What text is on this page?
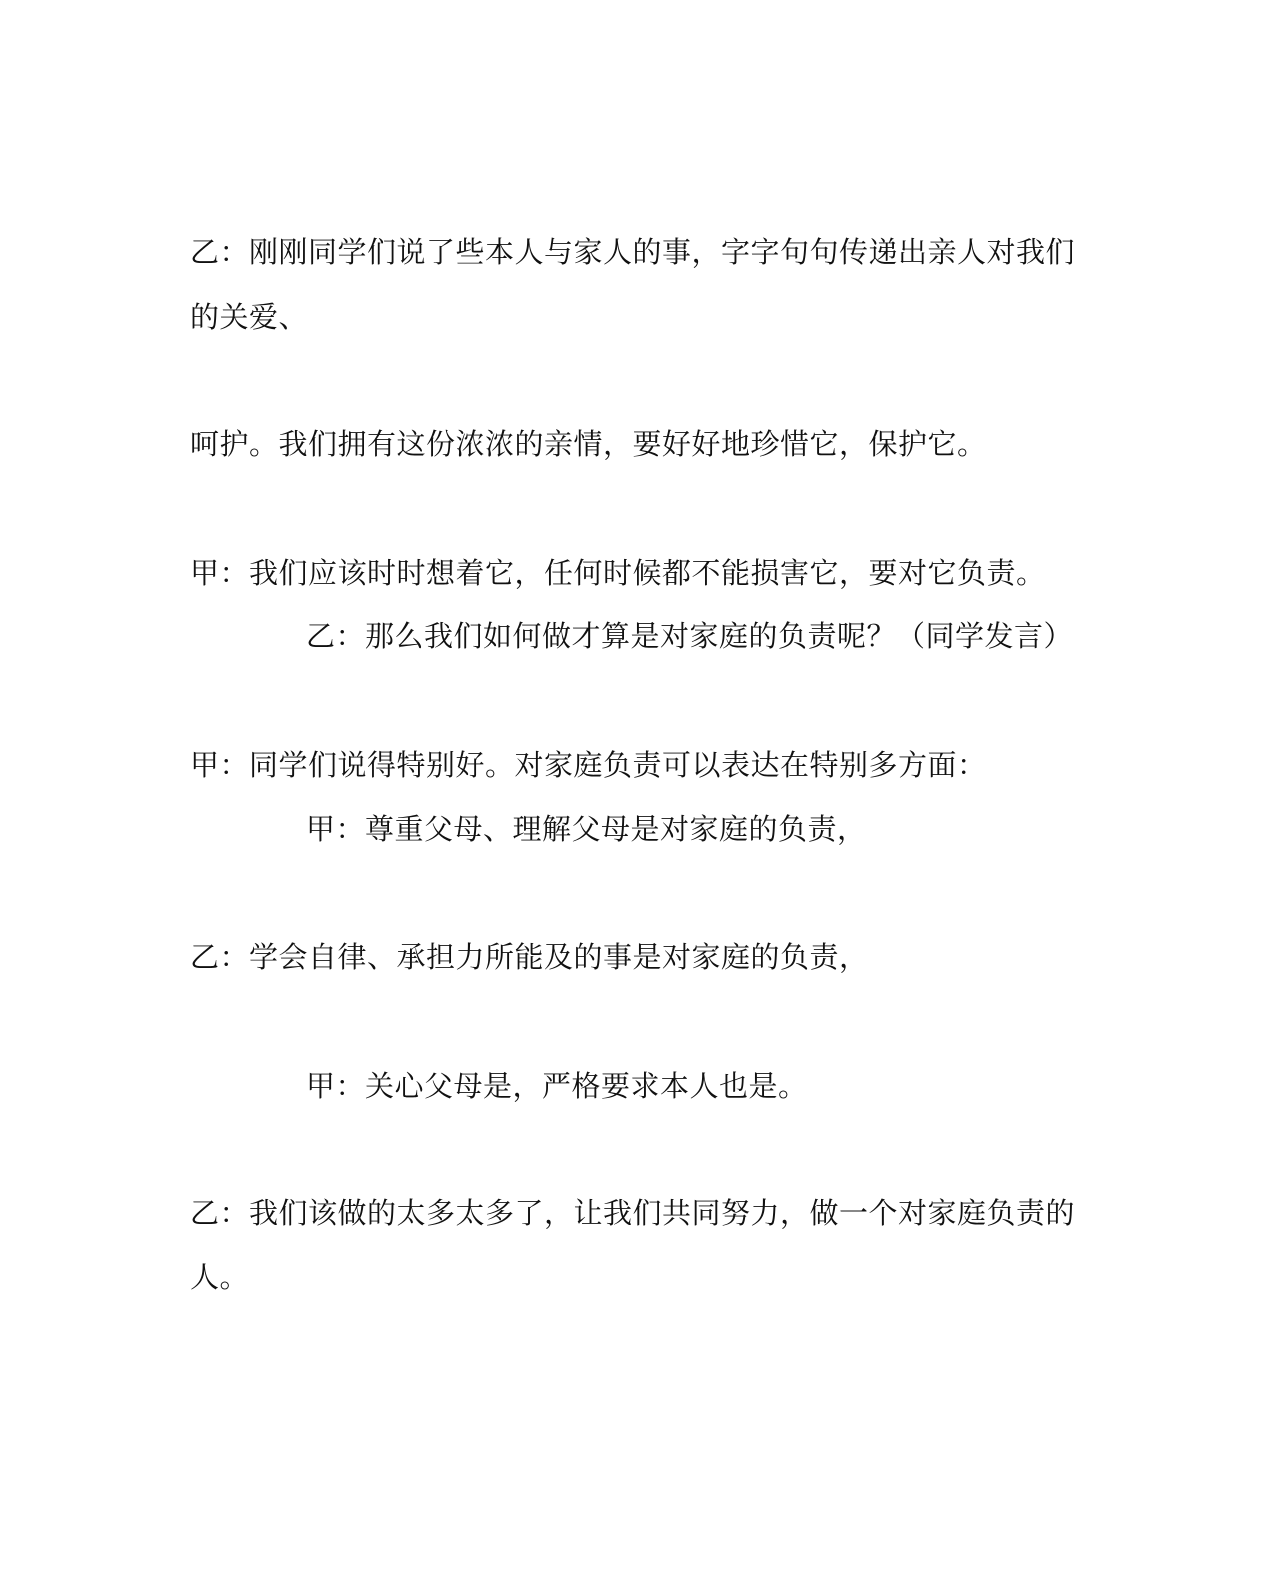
乙：刚刚同学们说了些本人与家人的事，字字句句传递出亲人对我们
的关爱、
呵护。我们拥有这份浓浓的亲情，要好好地珍惜它，保护它。
甲：我们应该时时想着它，任何时候都不能损害它，要对它负责。
乙：那么我们如何做才算是对家庭的负责呢？（同学发言）
甲：同学们说得特别好。对家庭负责可以表达在特别多方面：
甲：尊重父母、理解父母是对家庭的负责，
乙：学会自律、承担力所能及的事是对家庭的负责，
甲：关心父母是，严格要求本人也是。
乙：我们该做的太多太多了，让我们共同努力，做一个对家庭负责的
人。
